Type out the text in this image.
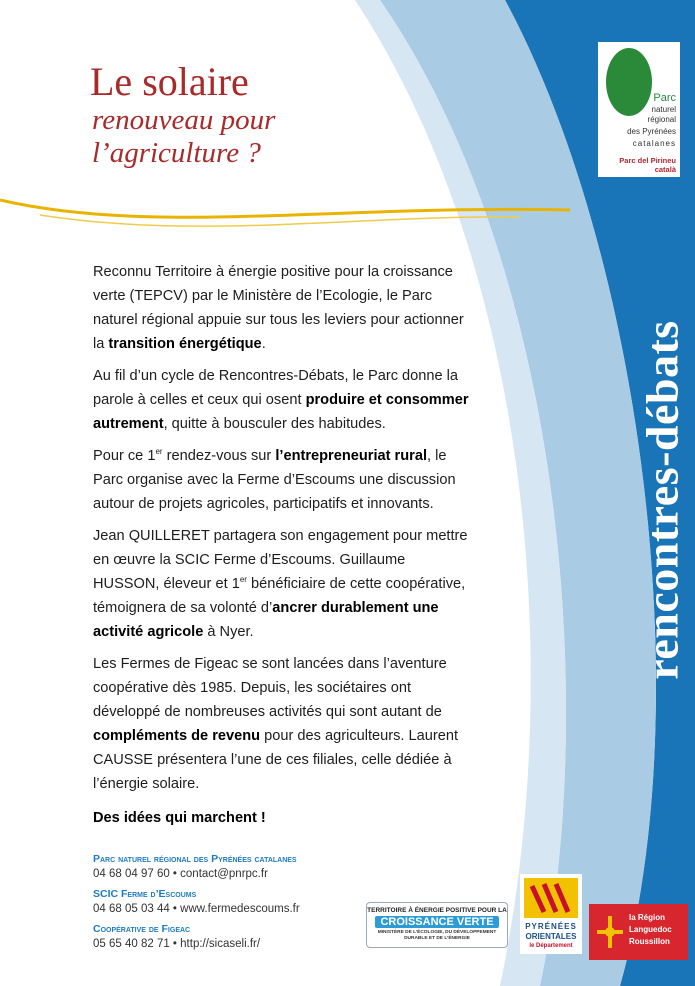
Le solaire
renouveau pour
l’agriculture ?
Parc
naturel
régional
des Pyrénées
catalanes
Parc del Pirineu català
rencontres-débats

Reconnu Territoire à énergie positive pour la croissance verte (TEPCV) par le Ministère de l’Ecologie, le Parc naturel régional appuie sur tous les leviers pour actionner la transition énergétique.

Au fil d’un cycle de Rencontres-Débats, le Parc donne la parole à celles et ceux qui osent produire et consommer autrement, quitte à bousculer des habitudes.

Pour ce 1er rendez-vous sur l’entrepreneuriat rural, le Parc organise avec la Ferme d’Escoums une discussion autour de projets agricoles, participatifs et innovants.

Jean QUILLERET partagera son engagement pour mettre en œuvre la SCIC Ferme d’Escoums. Guillaume HUSSON, éleveur et 1er bénéficiaire de cette coopérative, témoignera de sa volonté d’ancrer durablement une activité agricole à Nyer.

Les Fermes de Figeac se sont lancées dans l’aventure coopérative dès 1985. Depuis, les sociétaires ont développé de nombreuses activités qui sont autant de compléments de revenu pour des agriculteurs. Laurent CAUSSE présentera l’une de ces filiales, celle dédiée à l’énergie solaire.

Des idées qui marchent !
Parc naturel régional des Pyrénées catalanes
04 68 04 97 60 • contact@pnrpc.fr
SCIC Ferme d’Escoums
04 68 05 03 44 • www.fermedescoums.fr
Coopérative de Figeac
05 65 40 82 71 • http://sicaseli.fr/
TERRITOIRE À ÉNERGIE POSITIVE POUR LA
CROISSANCE VERTE
MINISTÈRE DE L’ÉCOLOGIE, DU DÉVELOPPEMENT DURABLE ET DE L’ÉNERGIE
PYRÉNÉES
ORIENTALES
le Département
la Région
Languedoc
Roussillon
